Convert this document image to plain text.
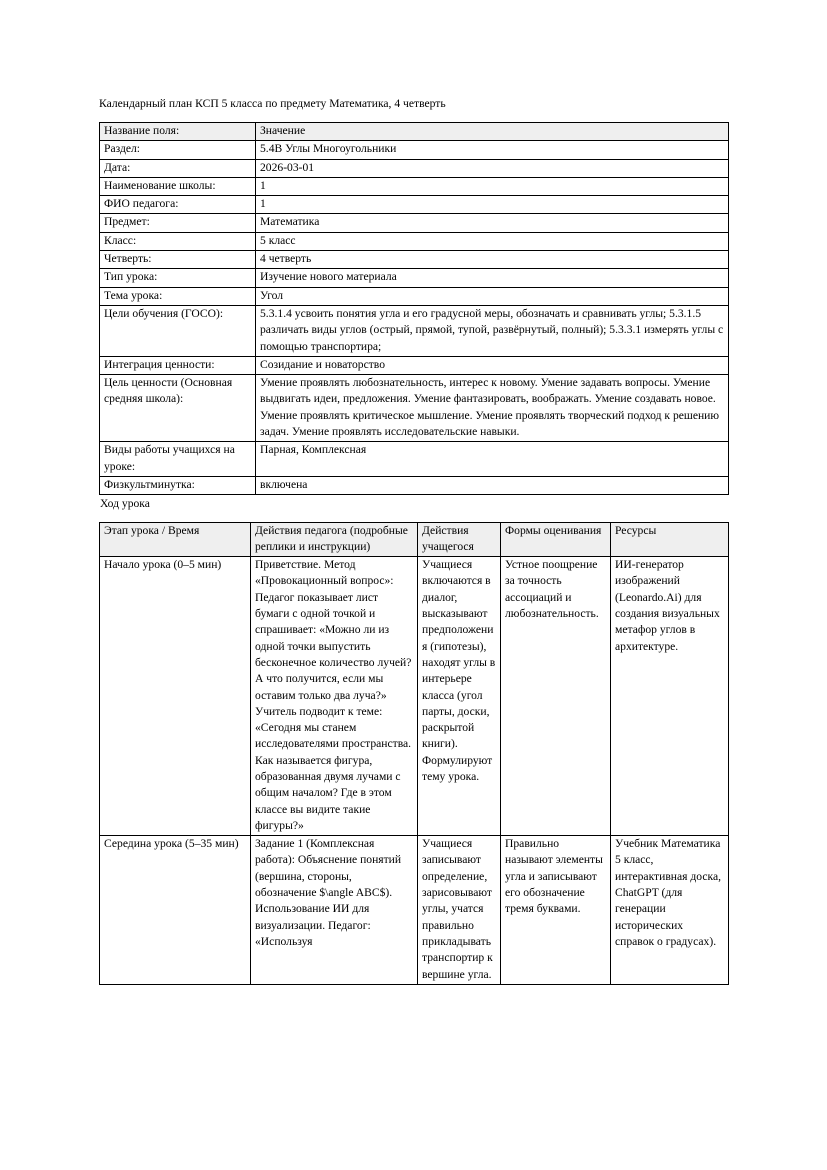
Календарный план КСП 5 класса по предмету Математика, 4 четверть
Название поля:	Значение
Раздел:	5.4В Углы Многоугольники
Дата:	2026-03-01
Наименование школы:	1
ФИО педагога:	1
Предмет:	Математика
Класс:	5 класс
Четверть:	4 четверть
Тип урока:	Изучение нового материала
Тема урока:	Угол
Цели обучения (ГОСО):	5.3.1.4 усвоить понятия угла и его градусной меры, обозначать и сравнивать углы; 5.3.1.5 различать виды углов (острый, прямой, тупой, развёрнутый, полный); 5.3.3.1 измерять углы с помощью транспортира;
Интеграция ценности:	Созидание и новаторство
Цель ценности (Основная средняя школа):	Умение проявлять любознательность, интерес к новому. Умение задавать вопросы. Умение выдвигать идеи, предложения. Умение фантазировать, воображать. Умение создавать новое. Умение проявлять критическое мышление. Умение проявлять творческий подход к решению задач. Умение проявлять исследовательские навыки.
Виды работы учащихся на уроке:	Парная, Комплексная
Физкультминутка:	включена
Ход урока
Этап урока / Время	Действия педагога (подробные реплики и инструкции)	Действия учащегося	Формы оценивания	Ресурсы
Начало урока (0–5 мин)	Приветствие. Метод «Провокационный вопрос»: Педагог показывает лист бумаги с одной точкой и спрашивает: «Можно ли из одной точки выпустить бесконечное количество лучей? А что получится, если мы оставим только два луча?» Учитель подводит к теме: «Сегодня мы станем исследователями пространства. Как называется фигура, образованная двумя лучами с общим началом? Где в этом классе вы видите такие фигуры?»	Учащиеся включаются в диалог, высказывают предположения (гипотезы), находят углы в интерьере класса (угол парты, доски, раскрытой книги). Формулируют тему урока.	Устное поощрение за точность ассоциаций и любознательность.	ИИ-генератор изображений (Leonardo.Ai) для создания визуальных метафор углов в архитектуре.
Середина урока (5–35 мин)	Задание 1 (Комплексная работа): Объяснение понятий (вершина, стороны, обозначение $\angle ABC$). Использование ИИ для визуализации. Педагог: «Используя	Учащиеся записывают определение, зарисовывают углы, учатся правильно прикладывать транспортир к вершине угла.	Правильно называют элементы угла и записывают его обозначение тремя буквами.	Учебник Математика 5 класс, интерактивная доска, ChatGPT (для генерации исторических справок о градусах).
